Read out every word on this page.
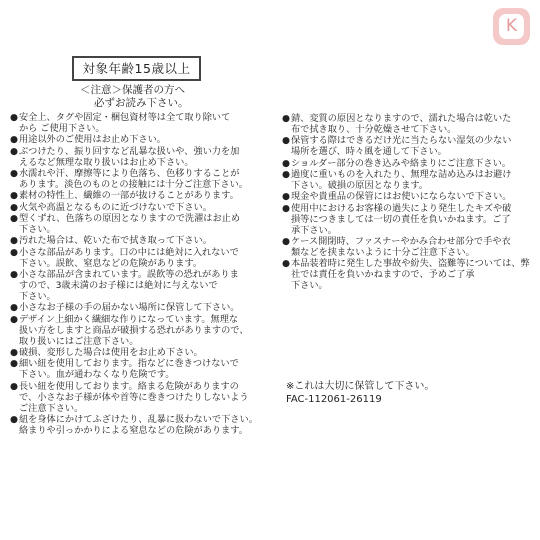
K
対象年齢15歳以上
＜注意＞保護者の方へ
必ずお読み下さい。
● 安全上、タグや固定・梱包資材等は全て取り除いて
から ご使用下さい。
● 用途以外のご使用はお止め下さい。
● ぶつけたり、振り回すなど乱暴な扱いや、強い力を加
えるなど無理な取り扱いはお止め下さい。
● 水濡れや汗、摩擦等により色落ち、色移りすることが
あります。淡色のものとの接触には十分ご注意下さい。
● 素材の特性上、繊維の一部が抜けることがあります。
● 火気や高温となるものに近づけないで下さい。
● 型くずれ、色落ちの原因となりますので洗濯はお止め
下さい。
● 汚れた場合は、乾いた布で拭き取って下さい。
● 小さな部品があります。口の中には絶対に入れないで
下さい。誤飲、窒息などの危険があります。
● 小さな部品が含まれています。誤飲等の恐れがありま
すので、3歳未満のお子様には絶対に与えないで
下さい。
● 小さなお子様の手の届かない場所に保管して下さい。
● デザイン上細かく繊細な作りになっています。無理な
扱い方をしますと商品が破損する恐れがありますので、
取り扱いにはご注意下さい。
● 破損、変形した場合は使用をお止め下さい。
● 細い紐を使用しております。指などに巻きつけないで
下さい。血が通わなくなり危険です。
● 長い紐を使用しております。絡まる危険がありますの
で、小さなお子様が体や首等に巻きつけたりしないよう
ご注意下さい。
● 紐を身体にかけてふざけたり、乱暴に扱わないで下さい。
絡まりや引っかかりによる窒息などの危険があります。
● 錆、変質の原因となりますので、濡れた場合は乾いた
布で拭き取り、十分乾燥させて下さい。
● 保管する際はできるだけ光に当たらない湿気の少ない
場所を選び、時々風を通して下さい。
● ショルダー部分の巻き込みや絡まりにご注意下さい。
● 過度に重いものを入れたり、無理な詰め込みはお避け
下さい。破損の原因となります。
● 現金や貴重品の保管にはお使いにならないで下さい。
● 使用中におけるお客様の過失により発生したキズや破
損等につきましては一切の責任を負いかねます。ご了
承下さい。
● ケース開閉時、ファスナーやかみ合わせ部分で手や衣
類などを挟まないように十分ご注意下さい。
● 本品装着時に発生した事故や紛失、盗難等については、弊社では責任を負いかねますので、予めご了承
下さい。
※これは大切に保管して下さい。
FAC-112061-26119
